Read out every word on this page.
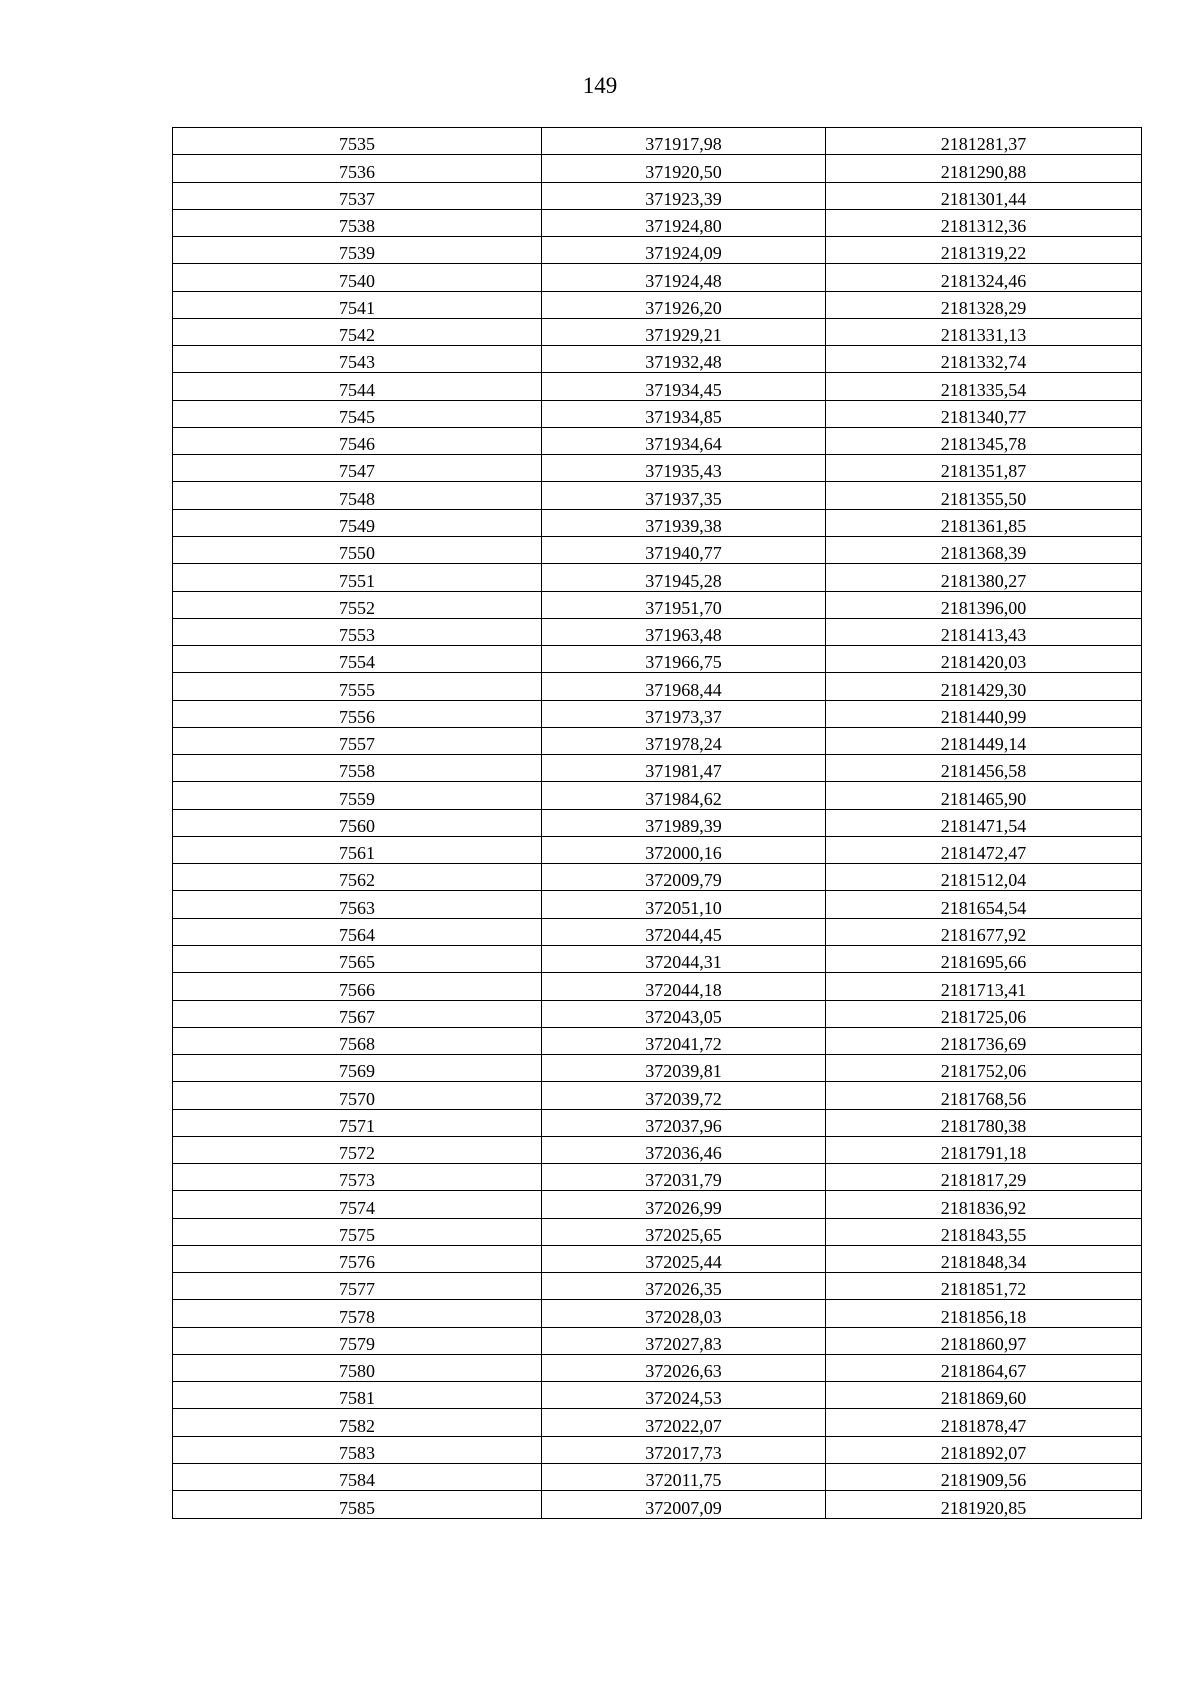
149
7535	371917,98	2181281,37
7536	371920,50	2181290,88
7537	371923,39	2181301,44
7538	371924,80	2181312,36
7539	371924,09	2181319,22
7540	371924,48	2181324,46
7541	371926,20	2181328,29
7542	371929,21	2181331,13
7543	371932,48	2181332,74
7544	371934,45	2181335,54
7545	371934,85	2181340,77
7546	371934,64	2181345,78
7547	371935,43	2181351,87
7548	371937,35	2181355,50
7549	371939,38	2181361,85
7550	371940,77	2181368,39
7551	371945,28	2181380,27
7552	371951,70	2181396,00
7553	371963,48	2181413,43
7554	371966,75	2181420,03
7555	371968,44	2181429,30
7556	371973,37	2181440,99
7557	371978,24	2181449,14
7558	371981,47	2181456,58
7559	371984,62	2181465,90
7560	371989,39	2181471,54
7561	372000,16	2181472,47
7562	372009,79	2181512,04
7563	372051,10	2181654,54
7564	372044,45	2181677,92
7565	372044,31	2181695,66
7566	372044,18	2181713,41
7567	372043,05	2181725,06
7568	372041,72	2181736,69
7569	372039,81	2181752,06
7570	372039,72	2181768,56
7571	372037,96	2181780,38
7572	372036,46	2181791,18
7573	372031,79	2181817,29
7574	372026,99	2181836,92
7575	372025,65	2181843,55
7576	372025,44	2181848,34
7577	372026,35	2181851,72
7578	372028,03	2181856,18
7579	372027,83	2181860,97
7580	372026,63	2181864,67
7581	372024,53	2181869,60
7582	372022,07	2181878,47
7583	372017,73	2181892,07
7584	372011,75	2181909,56
7585	372007,09	2181920,85
